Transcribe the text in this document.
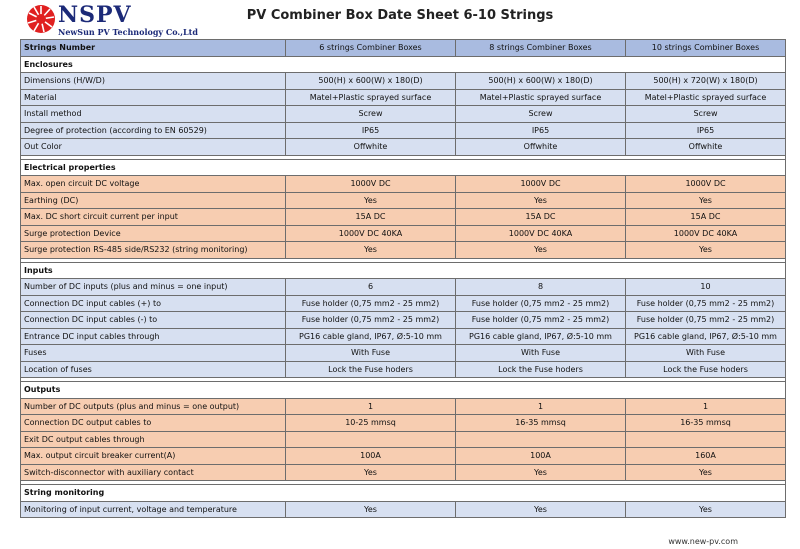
NSPV
NewSun PV Technology Co.,Ltd
PV Combiner Box Date Sheet 6-10 Strings
Strings Number	6 strings Combiner Boxes	8 strings Combiner Boxes	10 strings Combiner Boxes
Enclosures			
Dimensions (H/W/D)	500(H) x 600(W) x 180(D)	500(H) x 600(W) x 180(D)	500(H) x 720(W) x 180(D)
Material	Matel+Plastic sprayed surface	Matel+Plastic sprayed surface	Matel+Plastic sprayed surface
Install method	Screw	Screw	Screw
Degree of protection (according to EN 60529)	IP65	IP65	IP65
Out Color	Offwhite	Offwhite	Offwhite

Electrical properties			
Max. open circuit DC voltage	1000V DC	1000V DC	1000V DC
Earthing (DC)	Yes	Yes	Yes
Max. DC short circuit current per input	15A DC	15A DC	15A DC
Surge protection Device	1000V DC 40KA	1000V DC 40KA	1000V DC 40KA
Surge protection RS-485 side/RS232 (string monitoring)	Yes	Yes	Yes

Inputs			
Number of DC inputs (plus and minus = one input)	6	8	10
Connection DC input cables (+) to	Fuse holder (0,75 mm2 - 25 mm2)	Fuse holder (0,75 mm2 - 25 mm2)	Fuse holder (0,75 mm2 - 25 mm2)
Connection DC input cables (-) to	Fuse holder (0,75 mm2 - 25 mm2)	Fuse holder (0,75 mm2 - 25 mm2)	Fuse holder (0,75 mm2 - 25 mm2)
Entrance DC input cables through	PG16 cable gland, IP67, Ø:5-10 mm	PG16 cable gland, IP67, Ø:5-10 mm	PG16 cable gland, IP67, Ø:5-10 mm
Fuses	With Fuse	With Fuse	With Fuse
Location of fuses	Lock the Fuse hoders	Lock the Fuse hoders	Lock the Fuse hoders

Outputs			
Number of DC outputs (plus and minus = one output)	1	1	1
Connection DC output cables to	10-25 mmsq	16-35 mmsq	16-35 mmsq
Exit DC output cables through			
Max. output circuit breaker current(A)	100A	100A	160A
Switch-disconnector with auxiliary contact	Yes	Yes	Yes

String monitoring			
Monitoring of input current, voltage and temperature	Yes	Yes	Yes
www.new-pv.com
